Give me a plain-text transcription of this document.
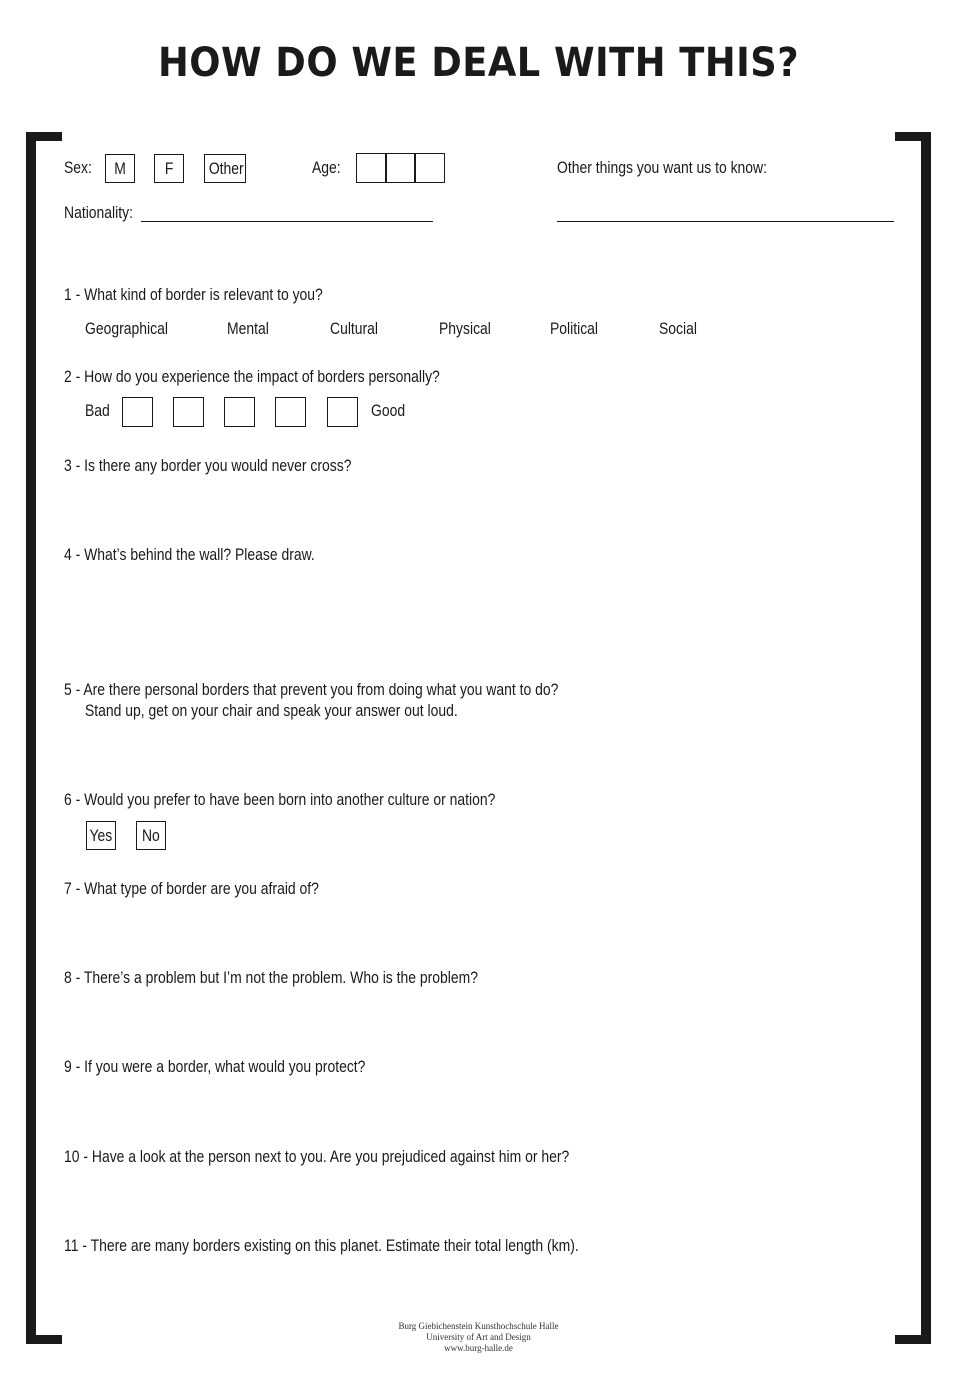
HOW DO WE DEAL WITH THIS?
Sex:	M	F	Other	Age:	Other things you want us to know:
Nationality:
1 - What kind of border is relevant to you?
Geographical	Mental	Cultural	Physical	Political	Social
2 - How do you experience the impact of borders personally?
Bad	Good
3 - Is there any border you would never cross?
4 - What’s behind the wall? Please draw.
5 - Are there personal borders that prevent you from doing what you want to do?
Stand up, get on your chair and speak your answer out loud.
6 - Would you prefer to have been born into another culture or nation?
Yes	No
7 - What type of border are you afraid of?
8 - There’s a problem but I’m not the problem. Who is the problem?
9 - If you were a border, what would you protect?
10 - Have a look at the person next to you. Are you prejudiced against him or her?
11 - There are many borders existing on this planet. Estimate their total length (km).
Burg Giebichenstein Kunsthochschule Halle
University of Art and Design
www.burg-halle.de
